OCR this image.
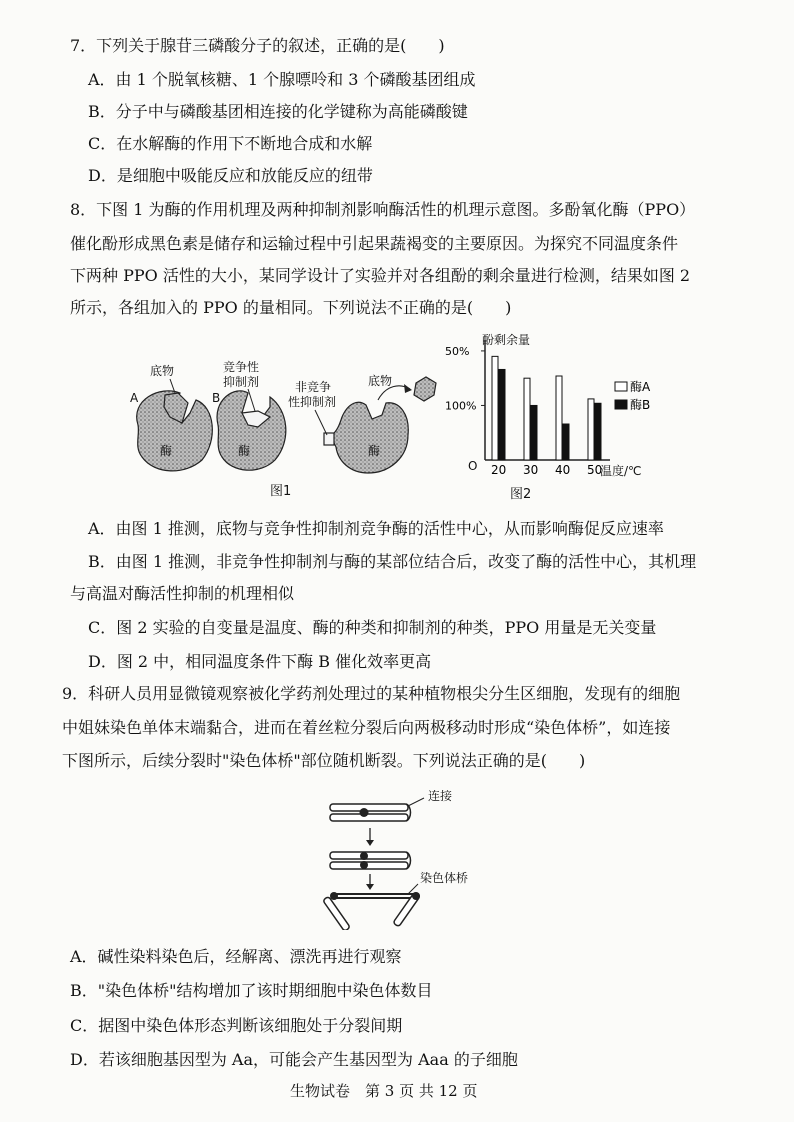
7．下列关于腺苷三磷酸分子的叙述，正确的是(　　)
A．由 1 个脱氧核糖、1 个腺嘌呤和 3 个磷酸基团组成
B．分子中与磷酸基团相连接的化学键称为高能磷酸键
C．在水解酶的作用下不断地合成和水解
D．是细胞中吸能反应和放能反应的纽带
8．下图 1 为酶的作用机理及两种抑制剂影响酶活性的机理示意图。多酚氧化酶（PPO）
催化酚形成黑色素是储存和运输过程中引起果蔬褐变的主要原因。为探究不同温度条件
下两种 PPO 活性的大小，某同学设计了实验并对各组酚的剩余量进行检测，结果如图 2
所示，各组加入的 PPO 的量相同。下列说法不正确的是(　　)
底物
A
酶
竞争性
抑制剂
B
酶
非竞争
性抑制剂
酶
底物
图1
酚剩余量
O	温度/℃
图2
100%
50%
20 30 40 50
酶A
酶B
A．由图 1 推测，底物与竞争性抑制剂竞争酶的活性中心，从而影响酶促反应速率
B．由图 1 推测，非竞争性抑制剂与酶的某部位结合后，改变了酶的活性中心，其机理
与高温对酶活性抑制的机理相似
C．图 2 实验的自变量是温度、酶的种类和抑制剂的种类，PPO 用量是无关变量
D．图 2 中，相同温度条件下酶 B 催化效率更高
9．科研人员用显微镜观察被化学药剂处理过的某种植物根尖分生区细胞，发现有的细胞
中姐妹染色单体末端黏合，进而在着丝粒分裂后向两极移动时形成“染色体桥”，如连接
下图所示，后续分裂时"染色体桥"部位随机断裂。下列说法正确的是(　　)
连接
染色体桥
A．碱性染料染色后，经解离、漂洗再进行观察
B．"染色体桥"结构增加了该时期细胞中染色体数目
C．据图中染色体形态判断该细胞处于分裂间期
D．若该细胞基因型为 Aa，可能会产生基因型为 Aaa 的子细胞
生物试卷　第 3 页 共 12 页
